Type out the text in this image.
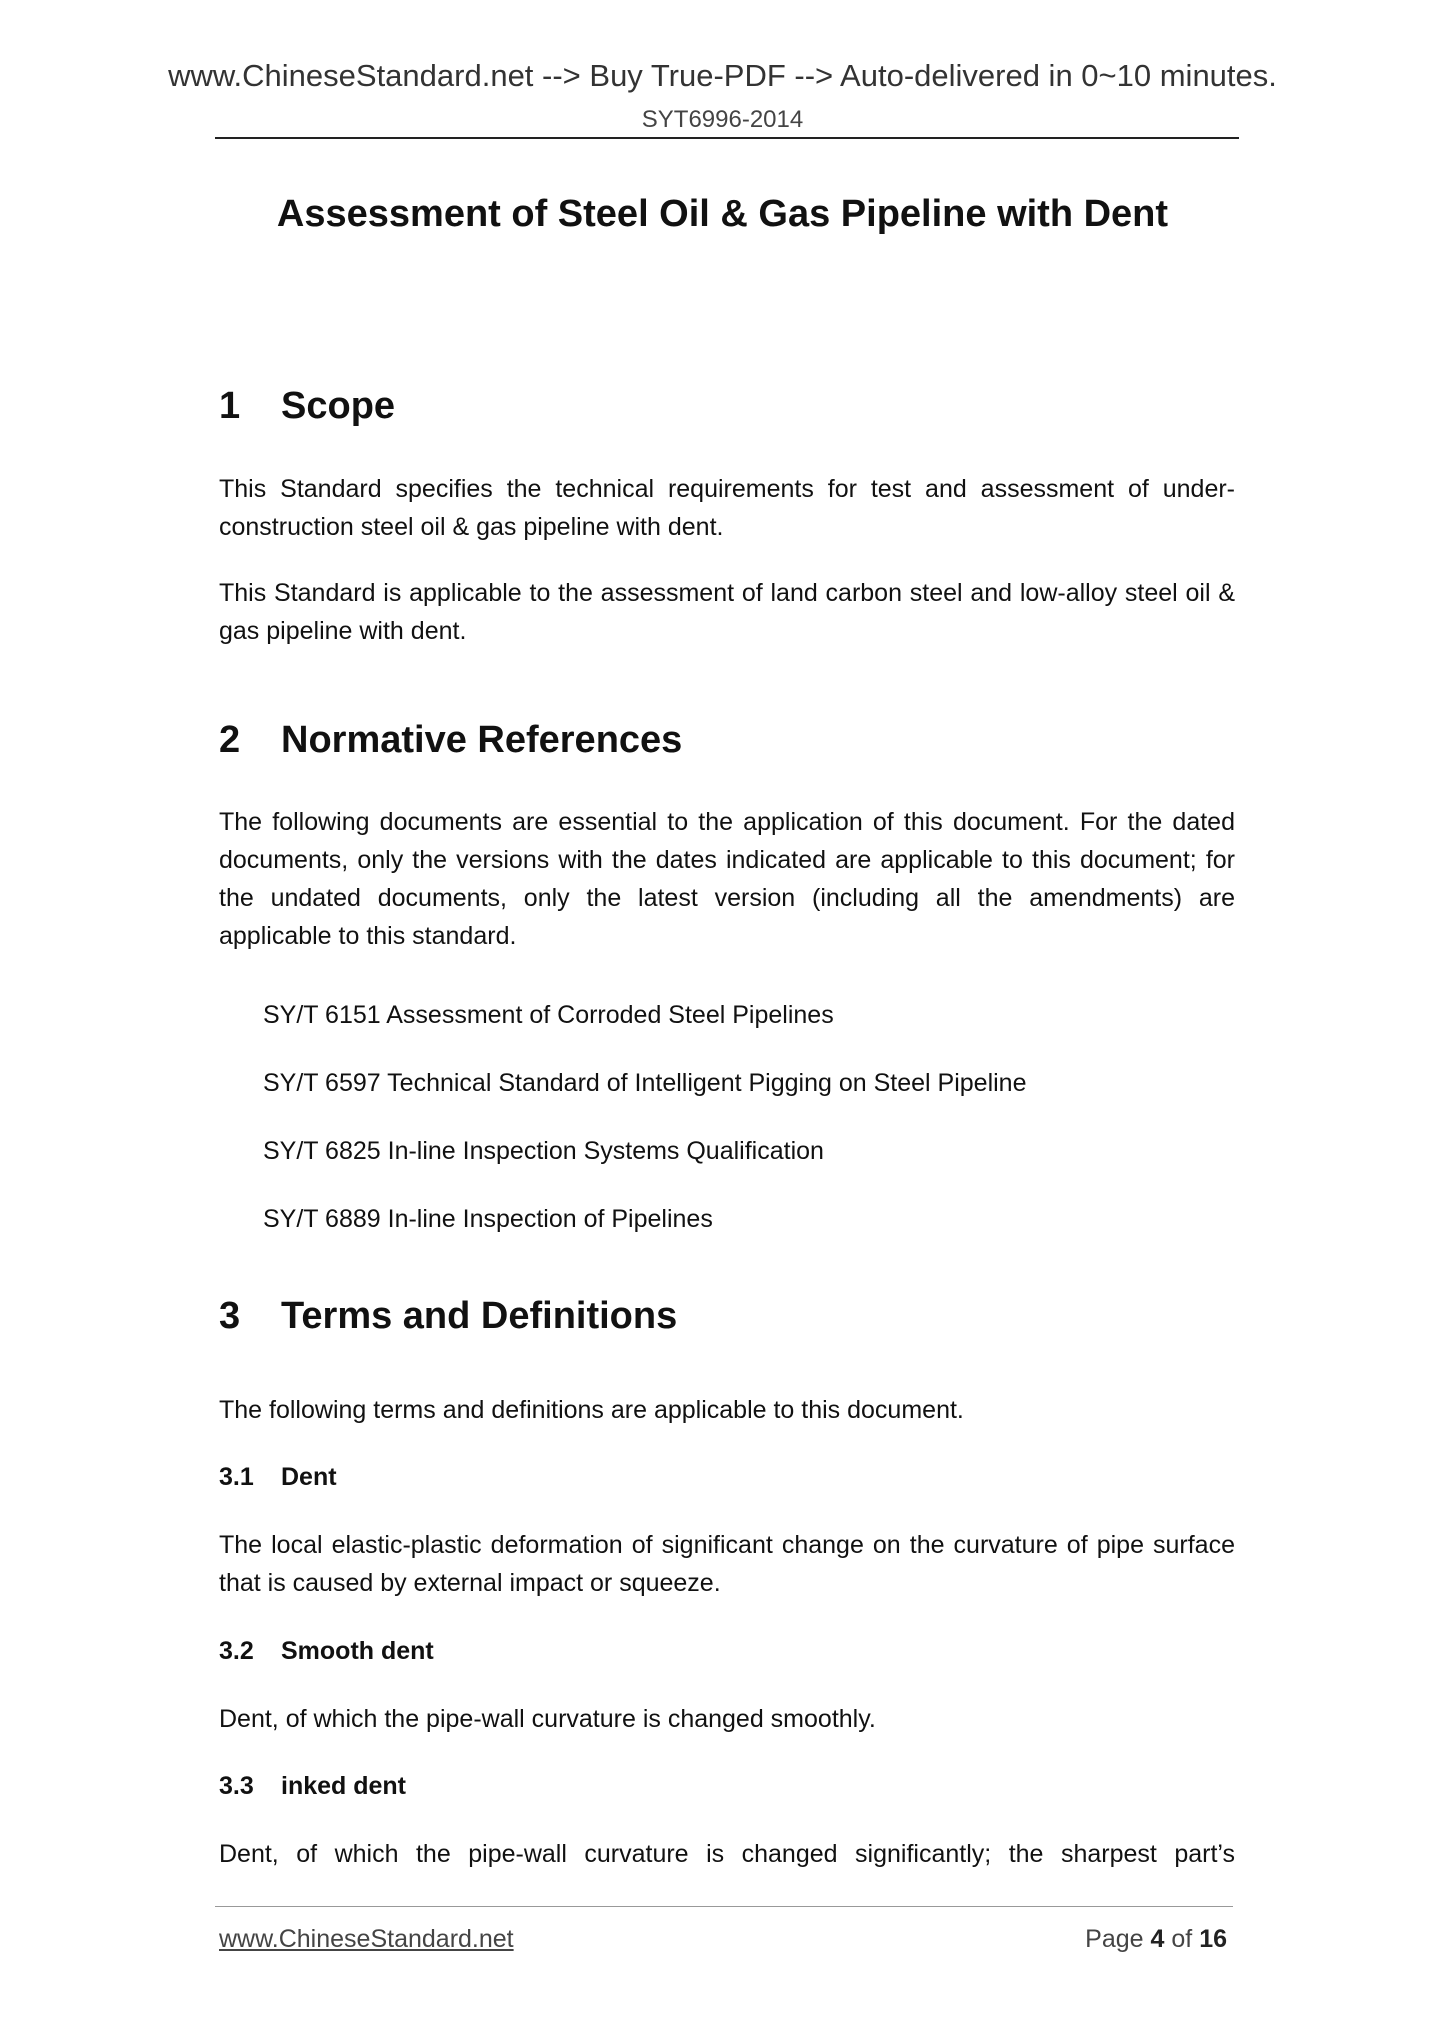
www.ChineseStandard.net --> Buy True-PDF --> Auto-delivered in 0~10 minutes.
SYT6996-2014
Assessment of Steel Oil & Gas Pipeline with Dent
1 Scope

This Standard specifies the technical requirements for test and assessment of under-construction steel oil & gas pipeline with dent.

This Standard is applicable to the assessment of land carbon steel and low-alloy steel oil & gas pipeline with dent.

2 Normative References

The following documents are essential to the application of this document. For the dated documents, only the versions with the dates indicated are applicable to this document; for the undated documents, only the latest version (including all the amendments) are applicable to this standard.

SY/T 6151 Assessment of Corroded Steel Pipelines

SY/T 6597 Technical Standard of Intelligent Pigging on Steel Pipeline

SY/T 6825 In-line Inspection Systems Qualification

SY/T 6889 In-line Inspection of Pipelines

3 Terms and Definitions

The following terms and definitions are applicable to this document.

3.1 Dent

The local elastic-plastic deformation of significant change on the curvature of pipe surface that is caused by external impact or squeeze.

3.2 Smooth dent

Dent, of which the pipe-wall curvature is changed smoothly.

3.3 inked dent

Dent, of which the pipe-wall curvature is changed significantly; the sharpest part’s

www.ChineseStandard.net	Page 4 of 16
